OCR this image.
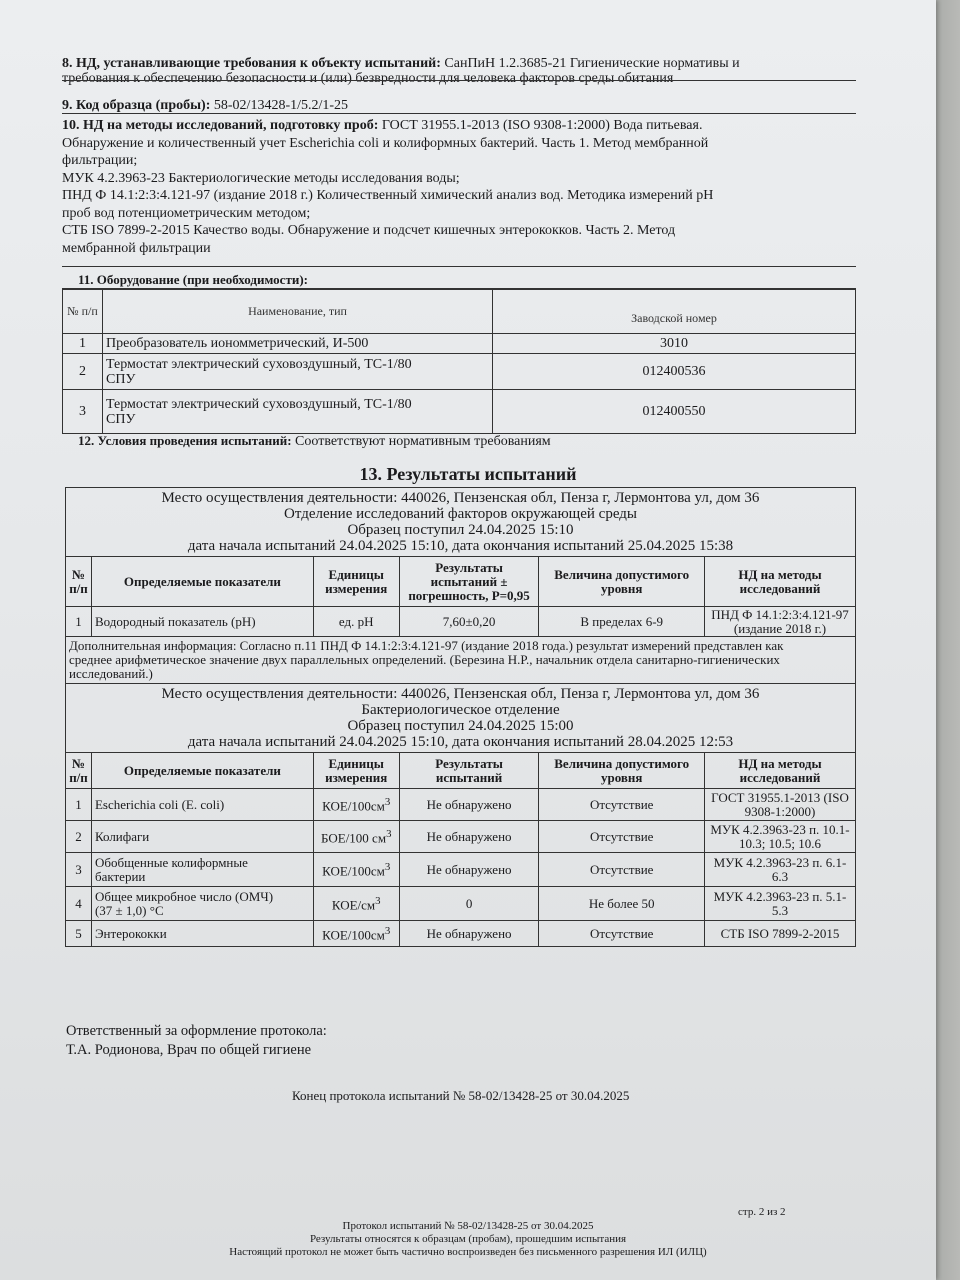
8. НД, устанавливающие требования к объекту испытаний: СанПиН 1.2.3685-21 Гигиенические нормативы и
требования к обеспечению безопасности и (или) безвредности для человека факторов среды обитания
9. Код образца (пробы): 58-02/13428-1/5.2/1-25
10. НД на методы исследований, подготовку проб: ГОСТ 31955.1-2013 (ISO 9308-1:2000) Вода питьевая.
Обнаружение и количественный учет Escherichia coli и колиформных бактерий. Часть 1. Метод мембранной
фильтрации;
МУК 4.2.3963-23 Бактериологические методы исследования воды;
ПНД Ф 14.1:2:3:4.121-97 (издание 2018 г.) Количественный химический анализ вод. Методика измерений pH
проб вод потенциометрическим методом;
СТБ ISO 7899-2-2015 Качество воды. Обнаружение и подсчет кишечных энтерококков. Часть 2. Метод
мембранной фильтрации
11. Оборудование (при необходимости):
№ п/п	Наименование, тип	Заводской номер
1	Преобразователь иономметрический, И-500	3010
2	Термостат электрический суховоздушный, ТС-1/80
СПУ	012400536
3	Термостат электрический суховоздушный, ТС-1/80
СПУ	012400550
12. Условия проведения испытаний: Соответствуют нормативным требованиям
13. Результаты испытаний
Место осуществления деятельности: 440026, Пензенская обл, Пенза г, Лермонтова ул, дом 36
Отделение исследований факторов окружающей среды
Образец поступил 24.04.2025 15:10
дата начала испытаний 24.04.2025 15:10, дата окончания испытаний 25.04.2025 15:38					

№ п/п	Определяемые показатели	Единицы измерения	Результаты испытаний ± погрешность, P=0,95	Величина допустимого уровня	НД на методы исследований
1	Водородный показатель (pH)	ед. pH	7,60±0,20	В пределах 6-9	ПНД Ф 14.1:2:3:4.121-97
(издание 2018 г.)

Дополнительная информация: Согласно п.11 ПНД Ф 14.1:2:3:4.121-97 (издание 2018 года.) результат измерений представлен как
среднее арифметическое значение двух параллельных определений. (Березина Н.Р., начальник отдела санитарно-гигиенических
исследований.)					

Место осуществления деятельности: 440026, Пензенская обл, Пенза г, Лермонтова ул, дом 36
Бактериологическое отделение
Образец поступил 24.04.2025 15:00
дата начала испытаний 24.04.2025 15:10, дата окончания испытаний 28.04.2025 12:53					

№ п/п	Определяемые показатели	Единицы измерения	Результаты испытаний	Величина допустимого уровня	НД на методы исследований
1	Escherichia coli (E. coli)	КОЕ/$100см^3$	Не обнаружено	Отсутствие	ГОСТ 31955.1-2013 (ISO
9308-1:2000)

2	Колифаги	БОЕ/100 $см^3$	Не обнаружено	Отсутствие	МУК 4.2.3963-23 п. 10.1-
10.3; 10.5; 10.6

3	Обобщенные колиформные
бактерии	КОЕ/$100см^3$	Не обнаружено	Отсутствие	МУК 4.2.3963-23 п. 6.1-
6.3

4	Общее микробное число (ОМЧ)
(37 ± 1,0) °С	КОЕ/$см^3$	0	Не более 50	МУК 4.2.3963-23 п. 5.1-
5.3

5	Энтерококки	КОЕ/$100см^3$	Не обнаружено	Отсутствие	СТБ ISO 7899-2-2015
Ответственный за оформление протокола:
Т.А. Родионова, Врач по общей гигиене
Конец протокола испытаний № 58-02/13428-25 от 30.04.2025
стр. 2 из 2
Протокол испытаний № 58-02/13428-25 от 30.04.2025
Результаты относятся к образцам (пробам), прошедшим испытания
Настоящий протокол не может быть частично воспроизведен без письменного разрешения ИЛ (ИЛЦ)
